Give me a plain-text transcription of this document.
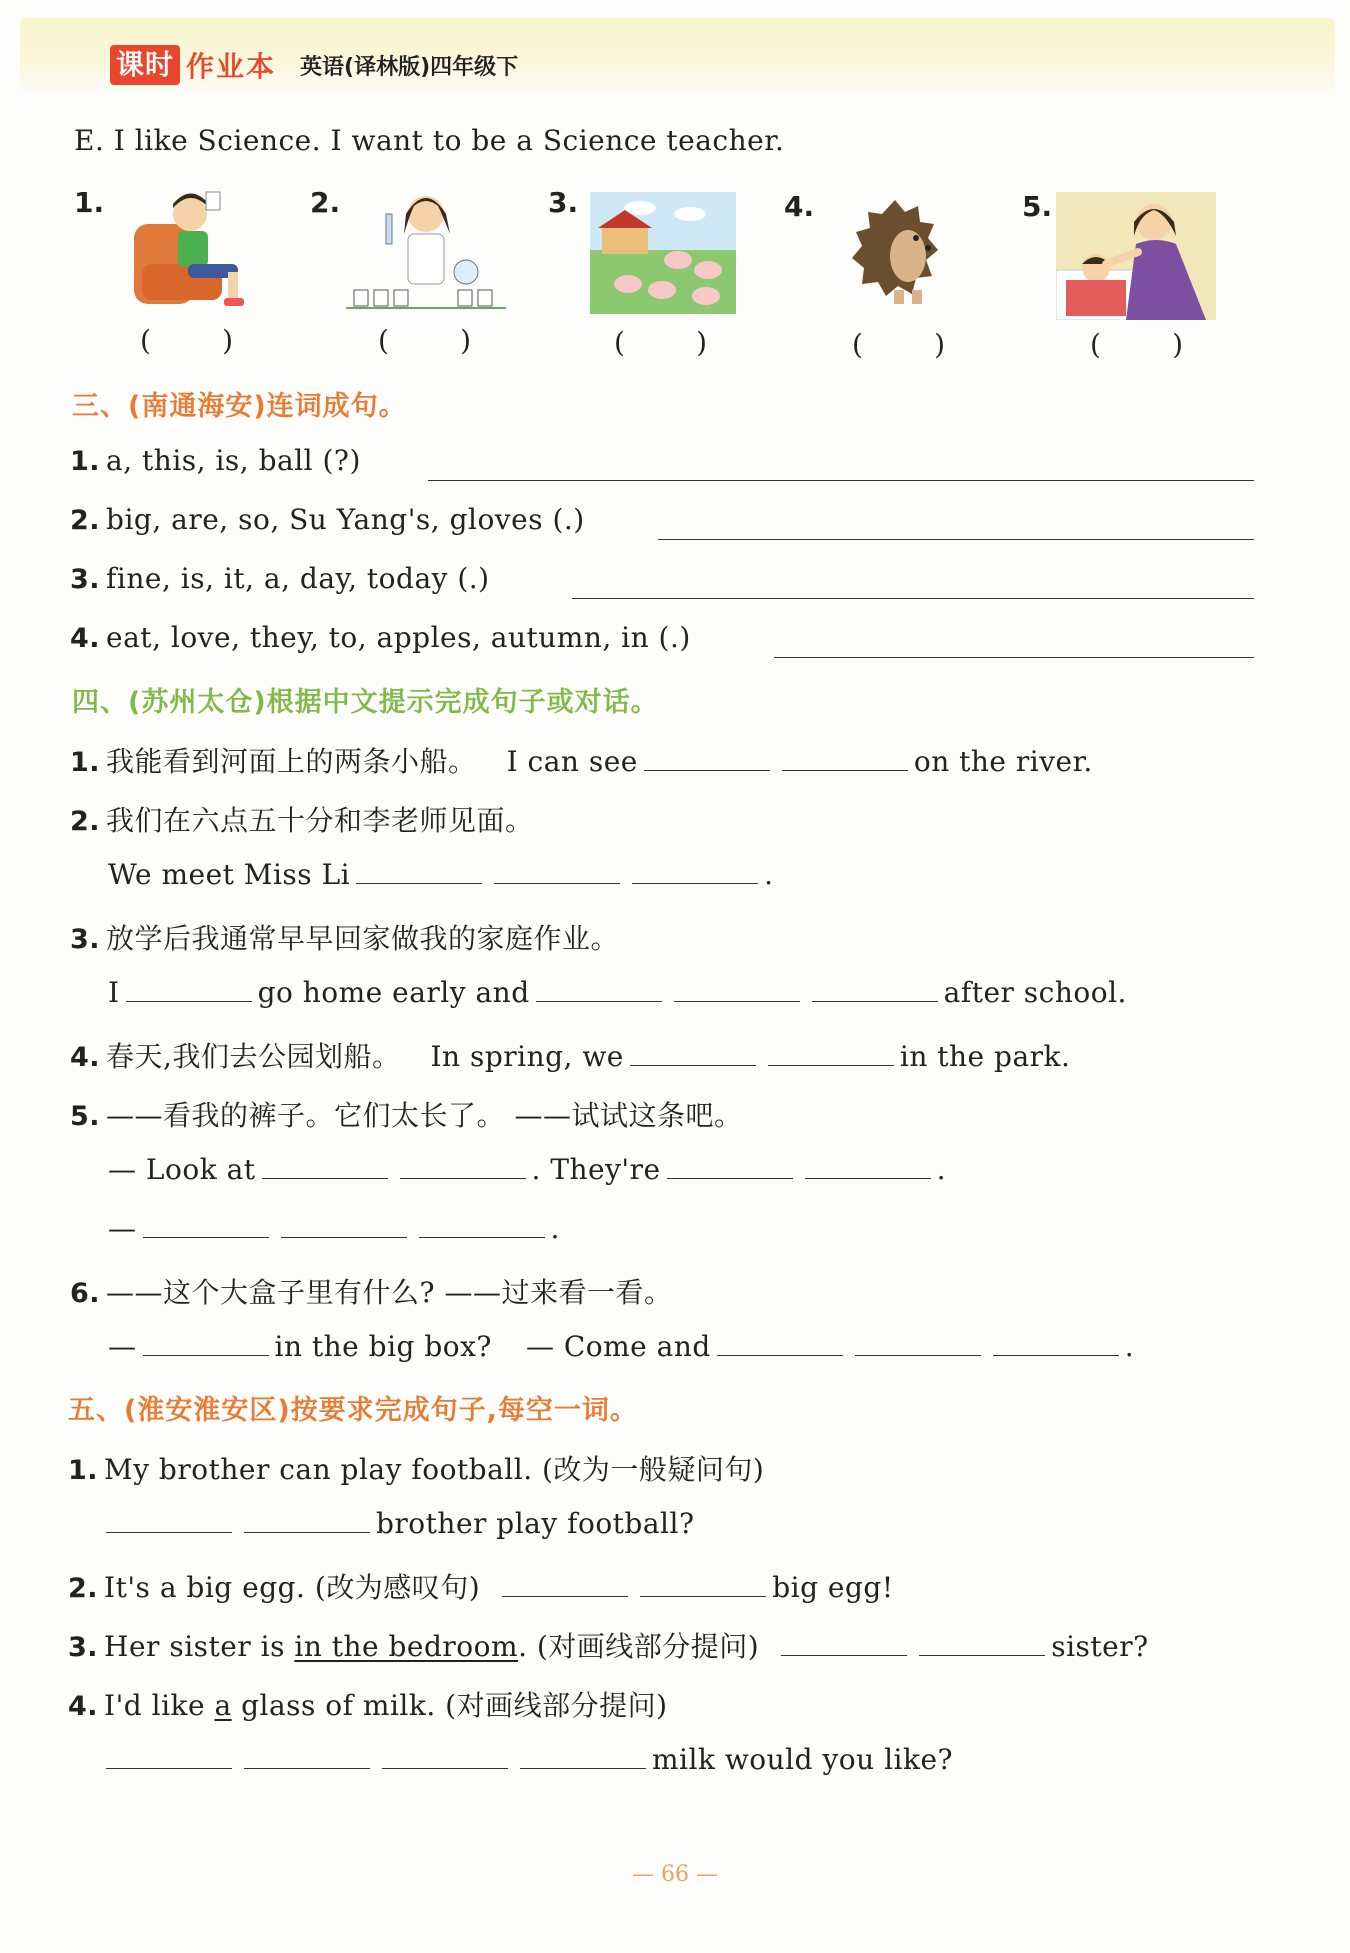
课时 作业本 英语(译林版)四年级下
E. I like Science. I want to be a Science teacher.
1.	2.	3.	4.	5.
(        )	(        )	(        )	(        )	(        )
三、(南通海安)连词成句。
1. a, this, is, ball (?)
2. big, are, so, Su Yang's, gloves (.)
3. fine, is, it, a, day, today (.)
4. eat, love, they, to, apples, autumn, in (.)
四、(苏州太仓)根据中文提示完成句子或对话。
1. 我能看到河面上的两条小船。 I can see	on the river.
2. 我们在六点五十分和李老师见面。
We meet Miss Li	.
3. 放学后我通常早早回家做我的家庭作业。
I	go home early and	after school.
4. 春天,我们去公园划船。 In spring, we	in the park.
5. ——看我的裤子。它们太长了。 ——试试这条吧。
— Look at	. They're	.
—	.
6. ——这个大盒子里有什么? ——过来看一看。
—	in the big box? — Come and	.
五、(淮安淮安区)按要求完成句子,每空一词。
1. My brother can play football. (改为一般疑问句)
brother play football?
2. It's a big egg. (改为感叹句)	big egg!
3. Her sister is in the bedroom. (对画线部分提问)	sister?
4. I'd like a glass of milk. (对画线部分提问)
milk would you like?
— 66 —
